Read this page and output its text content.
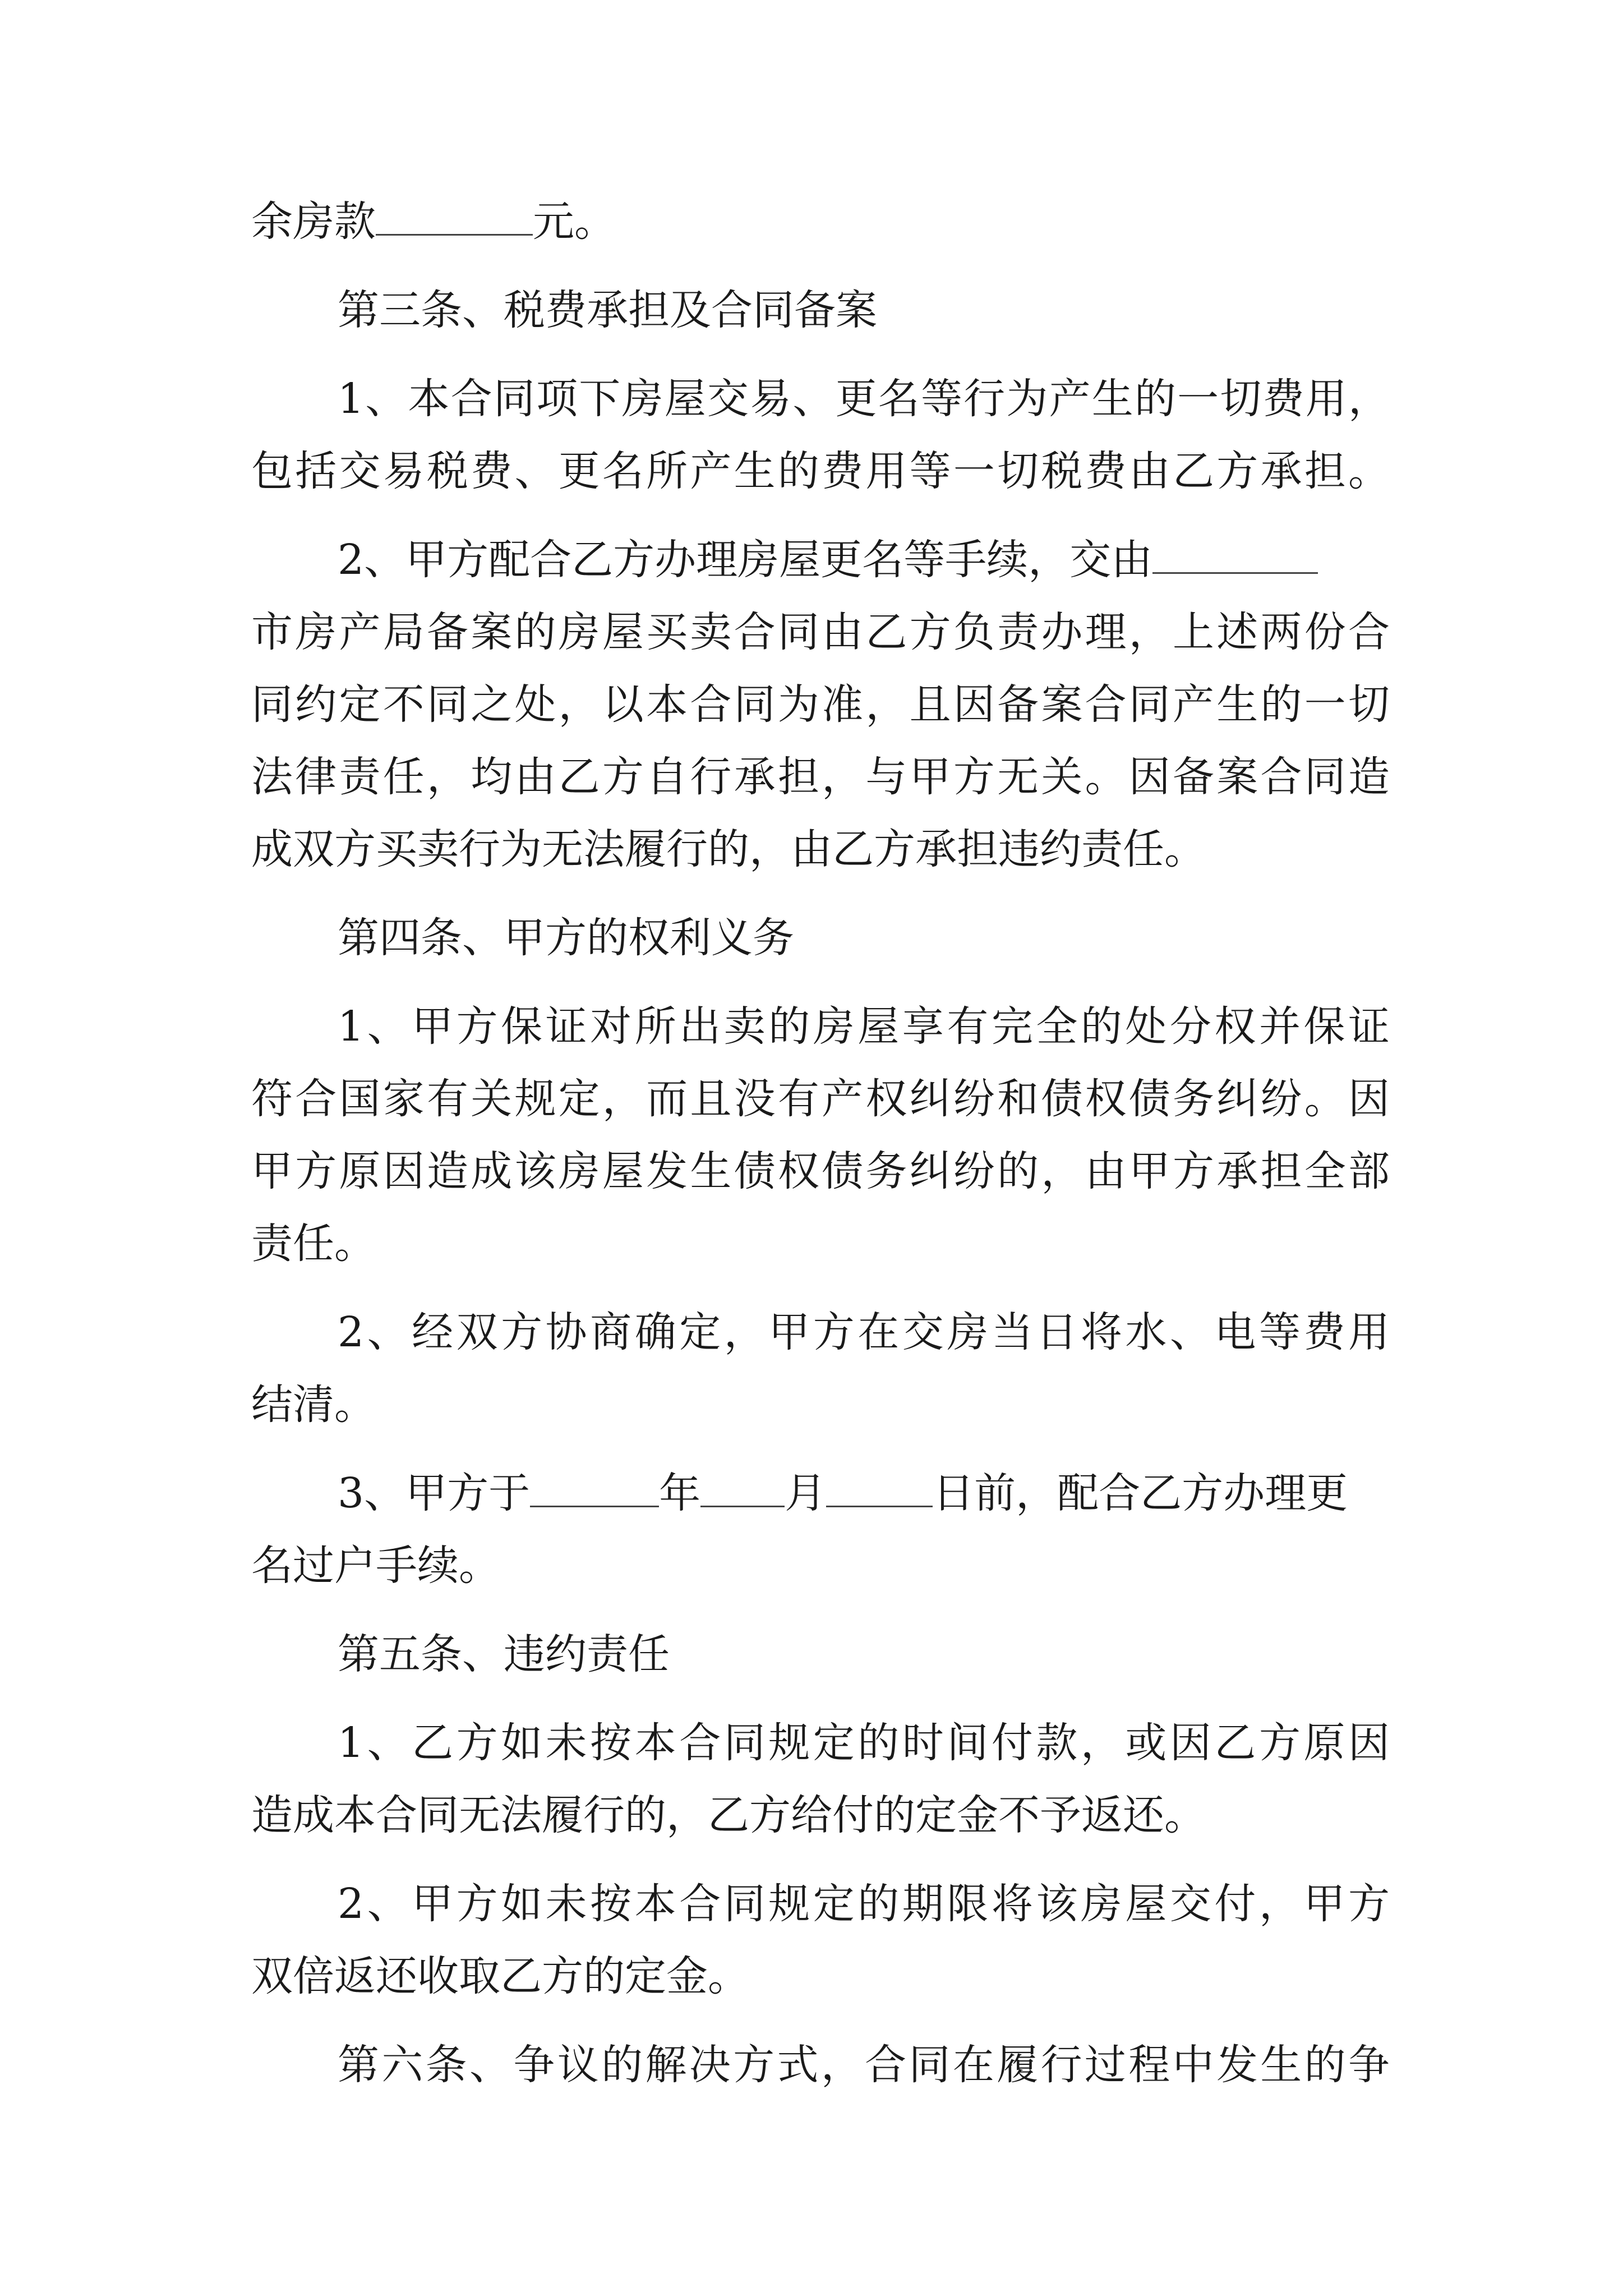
余房款	元。
第三条、税费承担及合同备案
1、本合同项下房屋交易、更名等行为产生的一切费用，
包括交易税费、更名所产生的费用等一切税费由乙方承担。
2、甲方配合乙方办理房屋更名等手续，交由
市房产局备案的房屋买卖合同由乙方负责办理，上述两份合
同约定不同之处，以本合同为准，且因备案合同产生的一切
法律责任，均由乙方自行承担，与甲方无关。因备案合同造
成双方买卖行为无法履行的，由乙方承担违约责任。
第四条、甲方的权利义务
1、甲方保证对所出卖的房屋享有完全的处分权并保证
符合国家有关规定，而且没有产权纠纷和债权债务纠纷。因
甲方原因造成该房屋发生债权债务纠纷的，由甲方承担全部
责任。
2、经双方协商确定，甲方在交房当日将水、电等费用
结清。
3、甲方于	年 月	日前，配合乙方办理更
名过户手续。
第五条、违约责任
1、乙方如未按本合同规定的时间付款，或因乙方原因
造成本合同无法履行的，乙方给付的定金不予返还。
2、甲方如未按本合同规定的期限将该房屋交付，甲方
双倍返还收取乙方的定金。
第六条、争议的解决方式，合同在履行过程中发生的争
